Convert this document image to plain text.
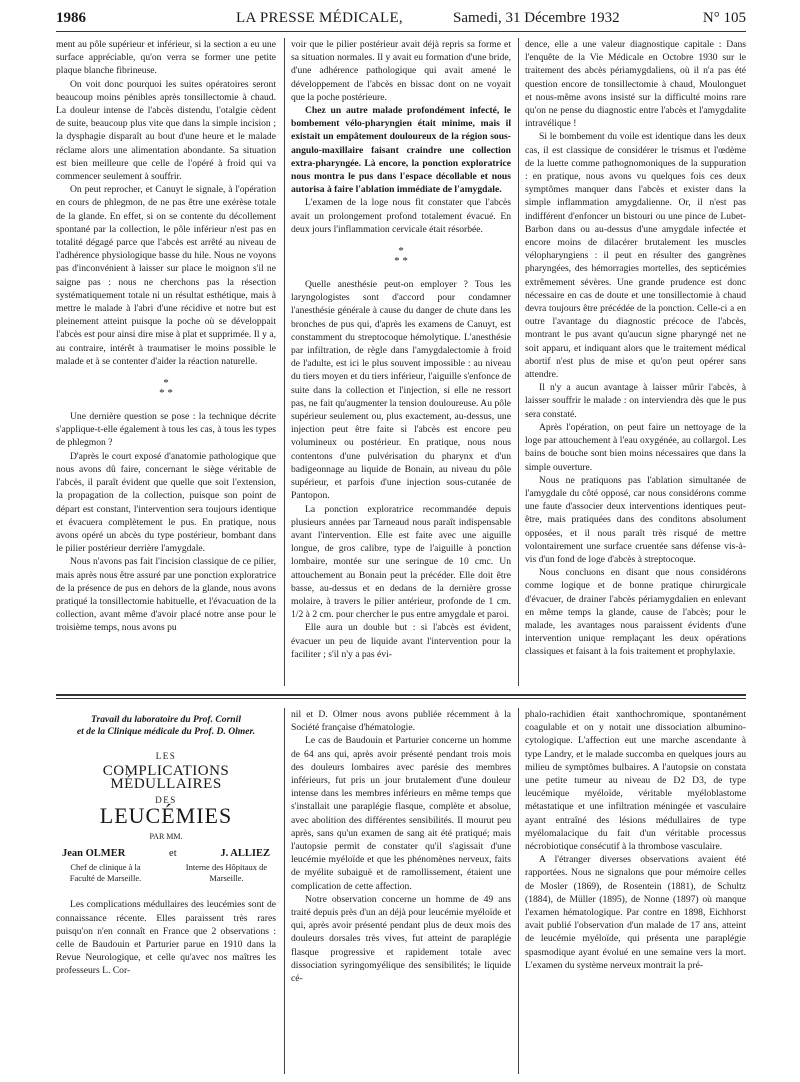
1986	LA PRESSE MÉDICALE,	Samedi, 31 Décembre 1932	N° 105

ment au pôle supérieur et inférieur, si la section a eu une surface appréciable, qu'on verra se former une petite plaque blanche fibrineuse.

On voit donc pourquoi les suites opératoires seront beaucoup moins pénibles après tonsillectomie à chaud. La douleur intense de l'abcès distendu, l'otalgie cèdent de suite, beaucoup plus vite que dans la simple incision ; la dysphagie disparaît au bout d'une heure et le malade réclame alors une alimentation abondante. Sa situation est bien meilleure que celle de l'opéré à froid qui va commencer seulement à souffrir.

On peut reprocher, et Canuyt le signale, à l'opération en cours de phlegmon, de ne pas être une exérèse totale de la glande. En effet, si on se contente du décollement spontané par la collection, le pôle inférieur n'est pas en totalité dégagé parce que l'abcès est arrêté au niveau de l'adhérence physiologique basse du hile. Nous ne voyons pas d'inconvénient à laisser sur place le moignon s'il ne saigne pas : nous ne cherchons pas la résection systématiquement totale ni un résultat esthétique, mais à mettre le malade à l'abri d'une récidive et notre but est pleinement atteint puisque la poche où se développait l'abcès est pour ainsi dire mise à plat et supprimée. Il y a, au contraire, intérêt à traumatiser le moins possible le malade et à se contenter d'aider la réaction naturelle.

*
* *

Une dernière question se pose : la technique décrite s'applique-t-elle également à tous les cas, à tous les types de phlegmon ?

D'après le court exposé d'anatomie pathologique que nous avons dû faire, concernant le siège véritable de l'abcès, il paraît évident que quelle que soit l'extension, la propagation de la collection, puisque son point de départ est constant, l'intervention sera toujours identique et évacuera complètement le pus. En pratique, nous avons opéré un abcès du type postérieur, bombant dans le pilier postérieur derrière l'amygdale.

Nous n'avons pas fait l'incision classique de ce pilier, mais après nous être assuré par une ponction exploratrice de la présence de pus en dehors de la glande, nous avons pratiqué la tonsillectomie habituelle, et l'évacuation de la collection, avant même d'avoir placé notre anse pour le troisième temps, nous avons pu

voir que le pilier postérieur avait déjà repris sa forme et sa situation normales. Il y avait eu formation d'une bride, d'une adhérence pathologique qui avait amené le développement de l'abcès en bissac dont on ne voyait que la poche postérieure.

Chez un autre malade profondément infecté, le bombement vélo-pharyngien était minime, mais il existait un empâtement douloureux de la région sous-angulo-maxillaire faisant craindre une collection extra-pharyngée. Là encore, la ponction exploratrice nous montra le pus dans l'espace décollable et nous autorisa à faire l'ablation immédiate de l'amygdale.

L'examen de la loge nous fit constater que l'abcès avait un prolongement profond totalement évacué. En deux jours l'inflammation cervicale était résorbée.

*
* *

Quelle anesthésie peut-on employer ? Tous les laryngologistes sont d'accord pour condamner l'anesthésie générale à cause du danger de chute dans les bronches de pus qui, d'après les examens de Canuyt, est constamment du streptocoque hémolytique. L'anesthésie par infiltration, de règle dans l'amygdalectomie à froid de l'adulte, est ici le plus souvent impossible : au niveau du tiers moyen et du tiers inférieur, l'aiguille s'enfonce de suite dans la collection et l'injection, si elle ne ressort pas, ne fait qu'augmenter la tension douloureuse. Au pôle supérieur seulement ou, plus exactement, au-dessus, une injection peut être faite si l'abcès est encore peu volumineux ou postérieur. En pratique, nous nous contentons d'une pulvérisation du pharynx et d'un badigeonnage au liquide de Bonain, au niveau du pôle supérieur, et parfois d'une injection sous-cutanée de Pantopon.

La ponction exploratrice recommandée depuis plusieurs années par Tarneaud nous paraît indispensable avant l'intervention. Elle est faite avec une aiguille longue, de gros calibre, type de l'aiguille à ponction lombaire, montée sur une seringue de 10 cmc. Un attouchement au Bonain peut la précéder. Elle doit être basse, au-dessus et en dedans de la dernière grosse molaire, à travers le pilier antérieur, profonde de 1 cm. 1/2 à 2 cm. pour chercher le pus entre amygdale et paroi.

Elle aura un double but : si l'abcès est évident, évacuer un peu de liquide avant l'intervention pour la faciliter ; s'il n'y a pas évi-

dence, elle a une valeur diagnostique capitale : Dans l'enquête de la Vie Médicale en Octobre 1930 sur le traitement des abcès périamygdaliens, où il n'a pas été question encore de tonsillectomie à chaud, Moulonguet et nous-même avons insisté sur la difficulté moins rare qu'on ne pense du diagnostic entre l'abcès et l'amygdalite intravélique !

Si le bombement du voile est identique dans les deux cas, il est classique de considérer le trismus et l'œdème de la luette comme pathognomoniques de la suppuration : en pratique, nous avons vu quelques fois ces deux symptômes manquer dans l'abcès et exister dans la simple inflammation amygdalienne. Or, il n'est pas indifférent d'enfoncer un bistouri ou une pince de Lubet-Barbon dans ou au-dessus d'une amygdale infectée et encore moins de dilacérer brutalement les muscles vélopharyngiens : il peut en résulter des gangrènes pharyngées, des hémorragies mortelles, des septicémies extrêmement sévères. Une grande prudence est donc nécessaire en cas de doute et une tonsillectomie à chaud devra toujours être précédée de la ponction. Celle-ci a en outre l'avantage du diagnostic précoce de l'abcès, montrant le pus avant qu'aucun signe pharyngé net ne soit apparu, et indiquant alors que le traitement médical abortif n'est plus de mise et qu'on peut opérer sans attendre.

Il n'y a aucun avantage à laisser mûrir l'abcès, à laisser souffrir le malade : on interviendra dès que le pus sera constaté.

Après l'opération, on peut faire un nettoyage de la loge par attouchement à l'eau oxygénée, au collargol. Les bains de bouche sont bien moins nécessaires que dans la simple ouverture.

Nous ne pratiquons pas l'ablation simultanée de l'amygdale du côté opposé, car nous considérons comme une faute d'associer deux interventions identiques peut-être, mais pratiquées dans des conditons absolument opposées, et il nous paraît très risqué de mettre volontairement une surface cruentée sans défense vis-à-vis d'un fond de loge d'abcès à streptocoque.

Nous concluons en disant que nous considérons comme logique et de bonne pratique chirurgicale d'évacuer, de drainer l'abcès périamygdalien en enlevant en même temps la glande, cause de l'abcès; pour le malade, les avantages nous paraissent évidents d'une intervention unique remplaçant les deux opérations classiques et faisant à la fois traitement et prophylaxie.

Travail du laboratoire du Prof. Cornil
et de la Clinique médicale du Prof. D. Olmer.
LES
COMPLICATIONS MÉDULLAIRES
DES
LEUCÉMIES
PAR MM.
Jean OLMER	et	J. ALLIEZ
Chef de clinique à la Faculté de Marseille.
Interne des Hôpitaux de Marseille.

Les complications médullaires des leucémies sont de connaissance récente. Elles paraissent très rares puisqu'on n'en connaît en France que 2 observations : celle de Baudouin et Parturier parue en 1910 dans la Revue Neurologique, et celle qu'avec nos maîtres les professeurs L. Cor-

nil et D. Olmer nous avons publiée récemment à la Société française d'hématologie.

Le cas de Baudouin et Parturier concerne un homme de 64 ans qui, après avoir présenté pendant trois mois des douleurs lombaires avec parésie des membres inférieurs, fut pris un jour brutalement d'une douleur intense dans les membres inférieurs en même temps que s'installait une paraplégie flasque, complète et absolue, avec abolition des différentes sensibilités. Il mourut peu après, sans qu'un examen de sang ait été pratiqué; mais l'autopsie permit de constater qu'il s'agissait d'une leucémie myéloïde et que les phénomènes nerveux, faits de myélite subaiguë et de ramollissement, étaient une complication de cette affection.

Notre observation concerne un homme de 49 ans traité depuis près d'un an déjà pour leucémie myéloïde et qui, après avoir présenté pendant plus de deux mois des douleurs dorsales très vives, fut atteint de paraplégie flasque progressive et rapidement totale avec dissociation syringomyélique des sensibilités; le liquide cé-

phalo-rachidien était xanthochromique, spontanément coagulable et on y notait une dissociation albumino-cytologique. L'affection eut une marche ascendante à type Landry, et le malade succomba en quelques jours au milieu de symptômes bulbaires. A l'autopsie on constata une petite tumeur au niveau de D2 D3, de type leucémique myéloïde, véritable myéloblastome métastatique et une infiltration méningée et vasculaire ayant entraîné des lésions médullaires de type myélomalacique du fait d'un véritable processus nécrobiotique consécutif à la thrombose vasculaire.

A l'étranger diverses observations avaient été rapportées. Nous ne signalons que pour mémoire celles de Mosler (1869), de Rosentein (1881), de Schultz (1884), de Müller (1895), de Nonne (1897) où manque l'examen hématologique. Par contre en 1898, Eichhorst avait publié l'observation d'un malade de 17 ans, atteint de leucémie myéloïde, qui présenta une paraplégie spasmodique ayant évolué en une semaine vers la mort. L'examen du système nerveux montrait la pré-
